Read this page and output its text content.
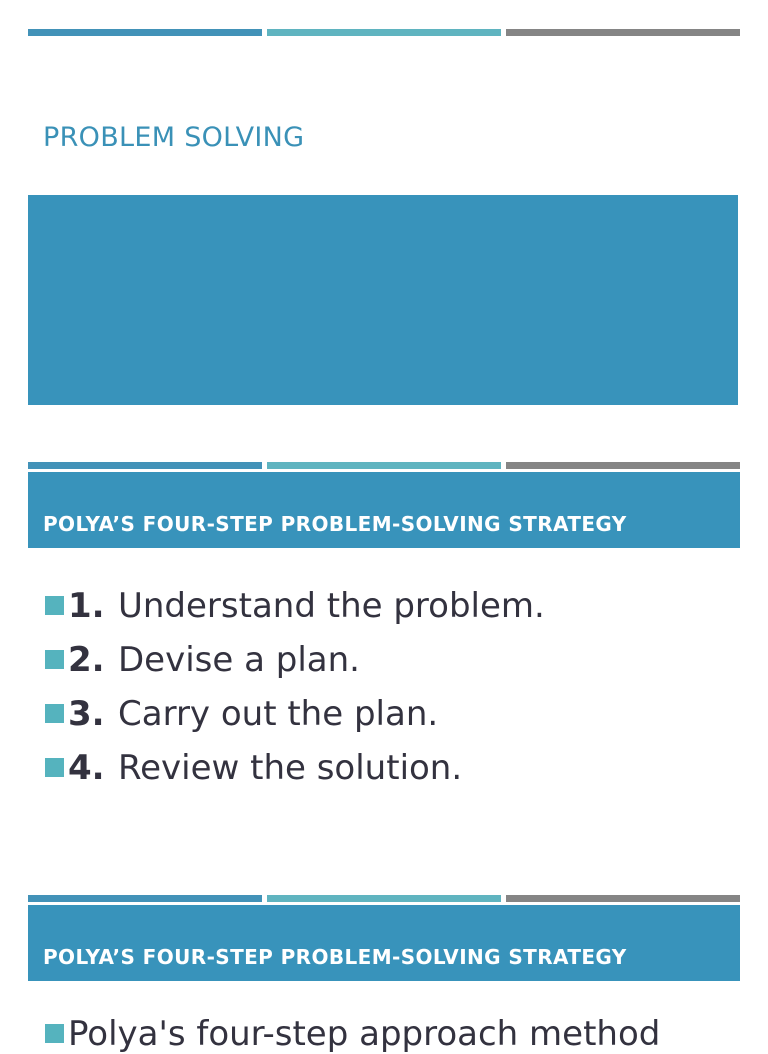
PROBLEM SOLVING
POLYA’S FOUR-STEP PROBLEM-SOLVING STRATEGY
1. Understand the problem.
2. Devise a plan.
3. Carry out the plan.
4. Review the solution.
POLYA’S FOUR-STEP PROBLEM-SOLVING STRATEGY
Polya's four-step approach method
